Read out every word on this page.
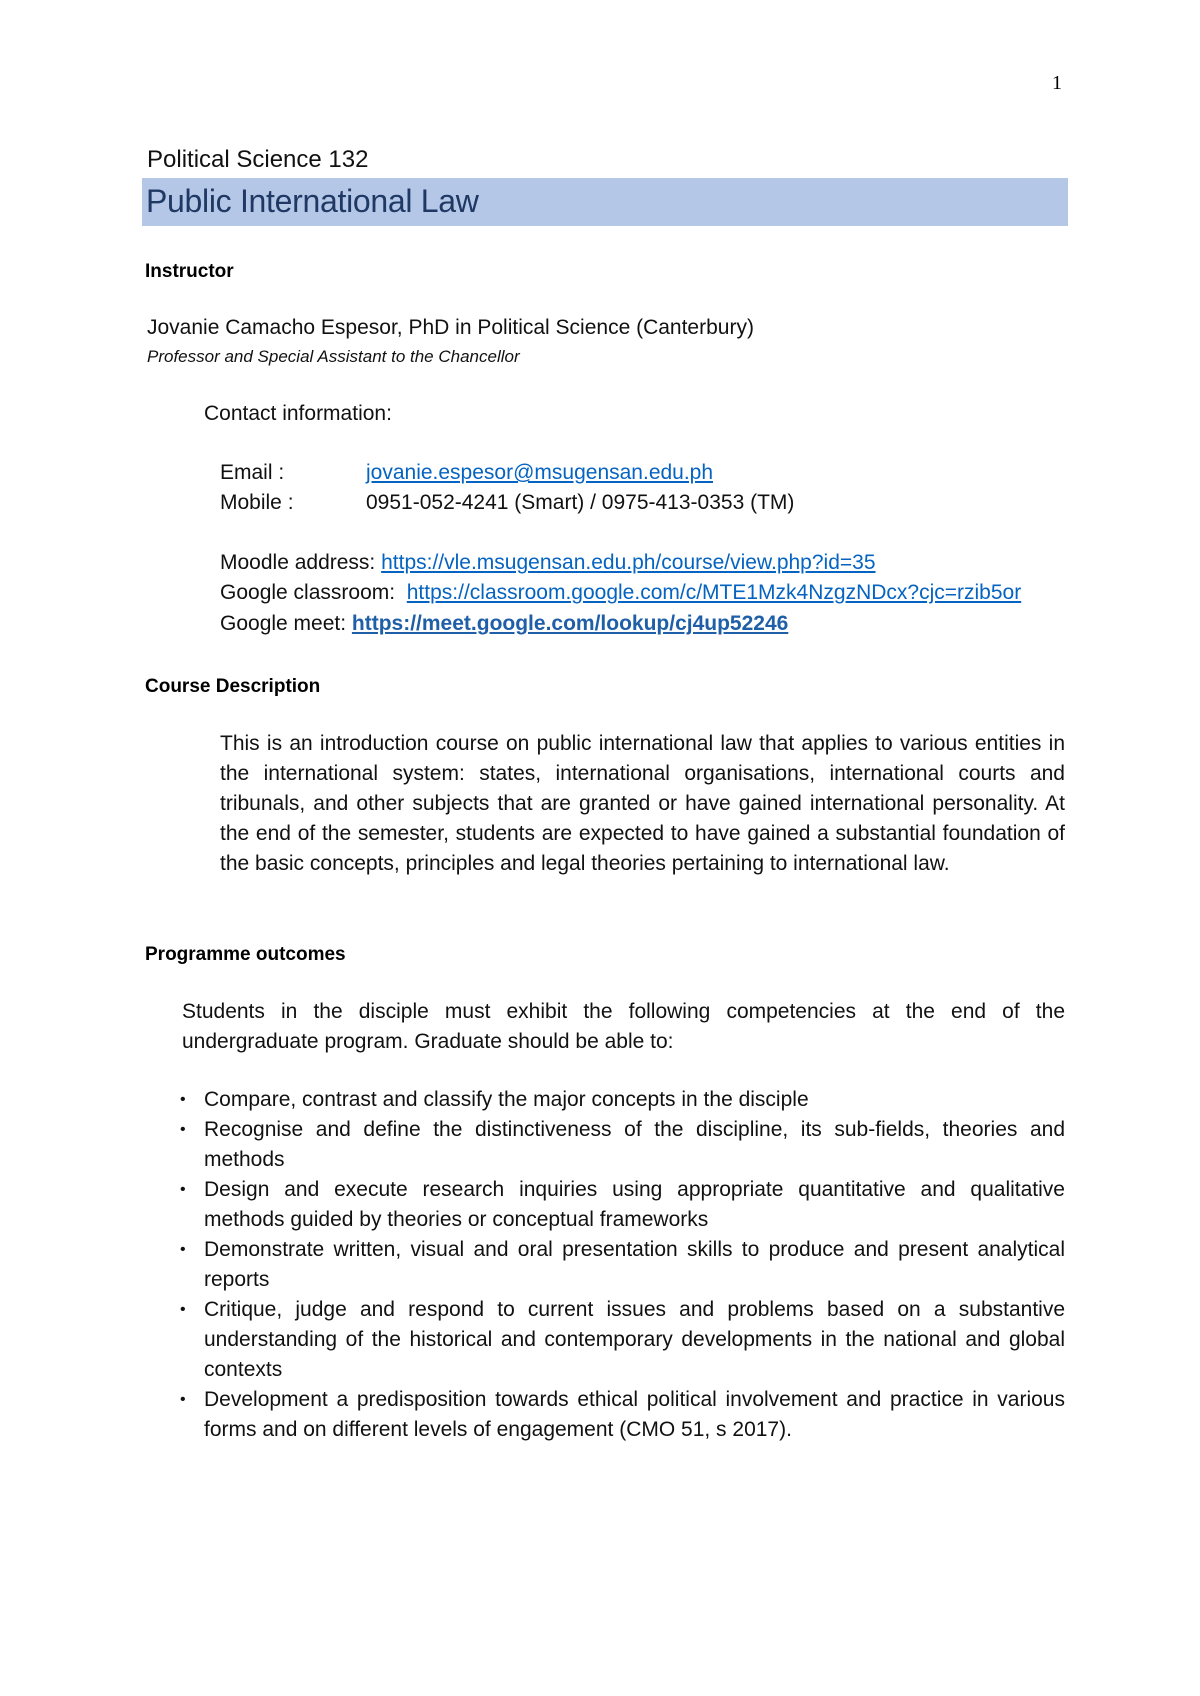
1
Political Science 132
Public International Law
Instructor
Jovanie Camacho Espesor, PhD in Political Science (Canterbury)
Professor and Special Assistant to the Chancellor
Contact information:
Email :	jovanie.espesor@msugensan.edu.ph
Mobile :	0951-052-4241 (Smart) / 0975-413-0353 (TM)
Moodle address: https://vle.msugensan.edu.ph/course/view.php?id=35
Google classroom:  https://classroom.google.com/c/MTE1Mzk4NzgzNDcx?cjc=rzib5or
Google meet: https://meet.google.com/lookup/cj4up52246
Course Description
This is an introduction course on public international law that applies to various entities in the international system: states, international organisations, international courts and tribunals, and other subjects that are granted or have gained international personality. At the end of the semester, students are expected to have gained a substantial foundation of the basic concepts, principles and legal theories pertaining to international law.
Programme outcomes
Students in the disciple must exhibit the following competencies at the end of the undergraduate program. Graduate should be able to:
• Compare, contrast and classify the major concepts in the disciple
• Recognise and define the distinctiveness of the discipline, its sub-fields, theories and methods
• Design and execute research inquiries using appropriate quantitative and qualitative methods guided by theories or conceptual frameworks
• Demonstrate written, visual and oral presentation skills to produce and present analytical reports
• Critique, judge and respond to current issues and problems based on a substantive understanding of the historical and contemporary developments in the national and global contexts
• Development a predisposition towards ethical political involvement and practice in various forms and on different levels of engagement (CMO 51, s 2017).
